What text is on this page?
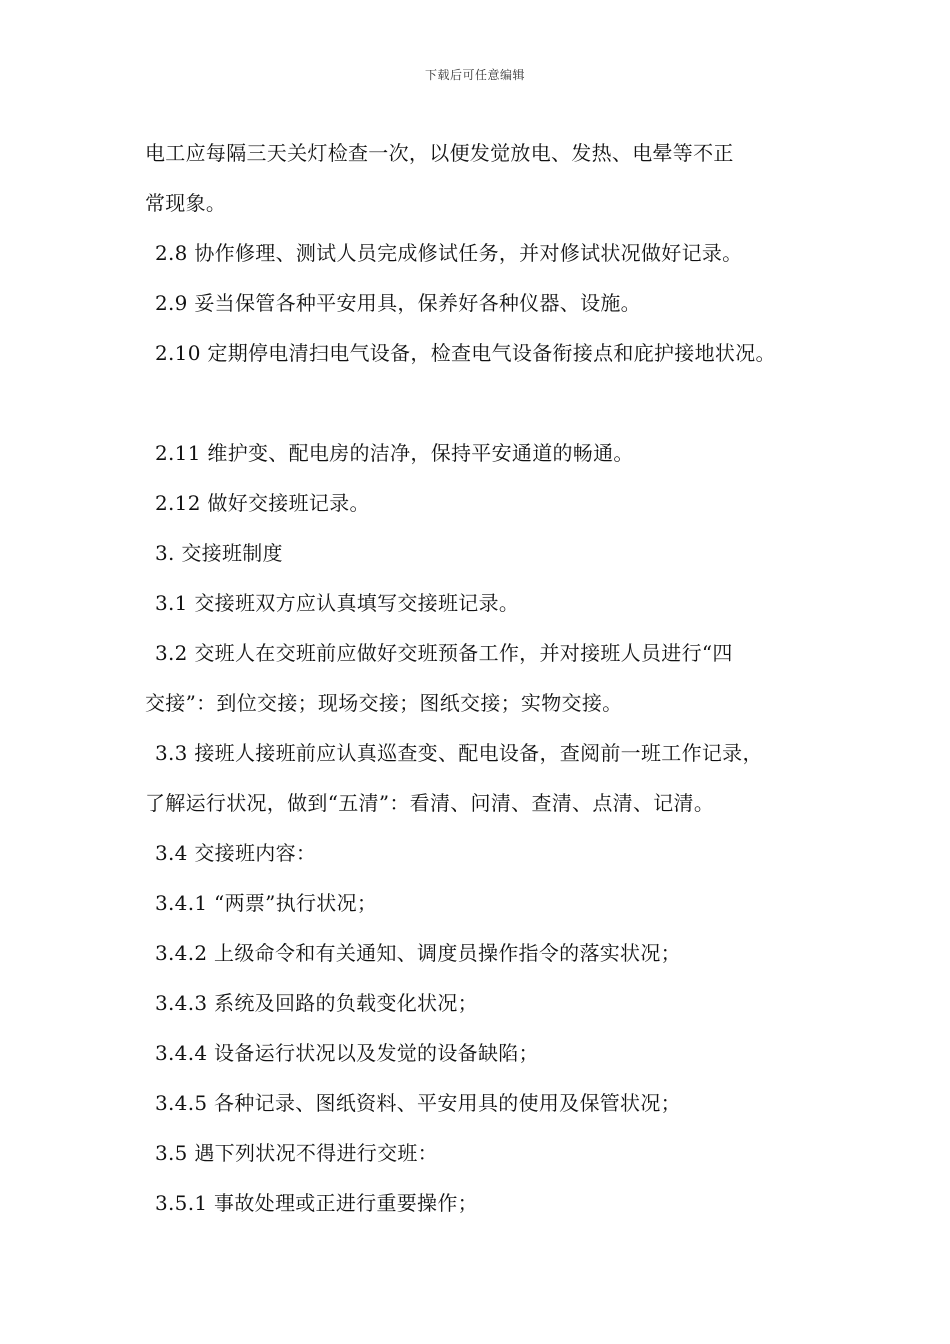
下载后可任意编辑
电工应每隔三天关灯检查一次，以便发觉放电、发热、电晕等不正
常现象。
2.8 协作修理、测试人员完成修试任务，并对修试状况做好记录。
2.9 妥当保管各种平安用具，保养好各种仪器、设施。
2.10 定期停电清扫电气设备，检查电气设备衔接点和庇护接地状况。
2.11 维护变、配电房的洁净，保持平安通道的畅通。
2.12 做好交接班记录。
3. 交接班制度
3.1 交接班双方应认真填写交接班记录。
3.2 交班人在交班前应做好交班预备工作，并对接班人员进行“四
交接”：到位交接；现场交接；图纸交接；实物交接。
3.3 接班人接班前应认真巡查变、配电设备，查阅前一班工作记录，
了解运行状况，做到“五清”：看清、问清、查清、点清、记清。
3.4 交接班内容：
3.4.1 “两票”执行状况；
3.4.2 上级命令和有关通知、调度员操作指令的落实状况；
3.4.3 系统及回路的负载变化状况；
3.4.4 设备运行状况以及发觉的设备缺陷；
3.4.5 各种记录、图纸资料、平安用具的使用及保管状况；
3.5 遇下列状况不得进行交班：
3.5.1 事故处理或正进行重要操作；
